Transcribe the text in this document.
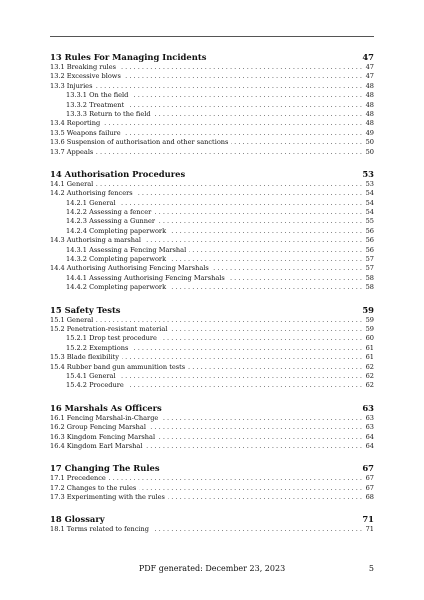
13 Rules For Managing Incidents	47
13.1 Breaking rules . . .	47
13.2 Excessive blows . . .	47
13.3 Injuries . . .	48
13.3.1 On the field . . .	48
13.3.2 Treatment . . .	48
13.3.3 Return to the field . . .	48
13.4 Reporting . . .	48
13.5 Weapons failure . . .	49
13.6 Suspension of authorisation and other sanctions . . .	50
13.7 Appeals . . .	50
14 Authorisation Procedures	53
14.1 General . . .	53
14.2 Authorising fencers . . .	54
14.2.1 General . . .	54
14.2.2 Assessing a fencer . . .	54
14.2.3 Assessing a Gunner . . .	55
14.2.4 Completing paperwork . . .	56
14.3 Authorising a marshal . . .	56
14.3.1 Assessing a Fencing Marshal . . .	56
14.3.2 Completing paperwork . . .	57
14.4 Authorising Authorising Fencing Marshals . . .	57
14.4.1 Assessing Authorising Fencing Marshals . . .	58
14.4.2 Completing paperwork . . .	58
15 Safety Tests	59
15.1 General . . .	59
15.2 Penetration-resistant material . . .	59
15.2.1 Drop test procedure . . .	60
15.2.2 Exemptions . . .	61
15.3 Blade flexibility . . .	61
15.4 Rubber band gun ammunition tests . . .	62
15.4.1 General . . .	62
15.4.2 Procedure . . .	62
16 Marshals As Officers	63
16.1 Fencing Marshal-in-Charge . . .	63
16.2 Group Fencing Marshal . . .	63
16.3 Kingdom Fencing Marshal . . .	64
16.4 Kingdom Earl Marshal . . .	64
17 Changing The Rules	67
17.1 Precedence . . .	67
17.2 Changes to the rules . . .	67
17.3 Experimenting with the rules . . .	68
18 Glossary	71
18.1 Terms related to fencing . . .	71
PDF generated: December 23, 2023	5
